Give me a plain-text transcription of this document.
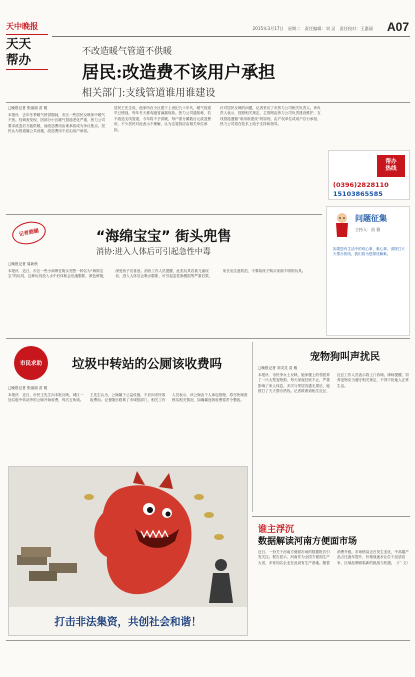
天中晚报
天天
帮办
2015年3月17日　星期二　责任编辑：刘 灵　责任校对：王惠丽 A07
不改造暖气管道不供暖
居民:改造费不该用户承担
相关部门:支线管道谁用谁建设
□晚报记者 张丽丽 苗 雅
本报讯　去年冬季暖气停供期间，市区一些居民反映家中暖气不热。经调查发现，因部分小区暖气管道老化严重，热力公司要求改造后方能供暖，而改造费用由谁承担成为争议焦点。居民认为管道属公共设施，改造费用不应由用户承担。
居民王先生说，他家所在小区建于上世纪九十年代，暖气管道早已锈蚀，每年冬天都有跑冒滴漏现象。热力公司通知称，若不改造支线管道，今年将不予供暖，每户需分摊数百元改造费用，不少居民对此表示不理解，认为这笔钱应由相关单位承担。
针对居民反映的问题，记者采访了市热力公司相关负责人。该负责人表示，按照相关规定，主管网由热力公司负责建设维护，支线管道遵循“谁用谁建设”的原则，由产权单位或用户自行承担，热力公司将在技术上给予支持和指导。
帮办
热线
(0396)2828110
15103865585
问题征集
主持人：苗 雅
如果您有生活中的烦心事、难心事，请拨打天天帮办热线，我们将为您排忧解难。
记者跑腿	“海绵宝宝” 街头兜售
消协:进入人体后可引起急性中毒
□晚报记者 周新秋
本报讯　近日，市区一些小商贩在街头兜售一种名为“海绵宝宝”的玩具，这种玩具放入水中后体积会迅速膨胀，颜色鲜艳，深受孩子们喜爱。消协工作人员提醒，此类玩具若被儿童误吞，进入人体后会吸水膨胀，可引起急性肠梗阻等严重后果，家长应注意防范，不要给孩子购买来源不明的玩具。
市民求助	垃圾中转站的公厕该收费吗
□晚报记者 张丽丽 苗 雅
本报讯　近日，市民王先生向本报反映，城区一处垃圾中转站旁的公厕开始收费，每次五角钱。王先生认为，公厕属于公益设施，不应向市民收取费用。记者随后联系了市城管部门，相关工作人员表示，该公厕由个人承包管理，将尽快调查核实相关情况，如确属违规收费将责令整改。
宠物狗叫声扰民
□晚报记者 刘灵灵 苗 雅
本报讯　市民李女士反映，她家楼上的邻居养了一只大型宠物狗，每天深夜狂吠不止，严重影响了家人休息。多次与邻居沟通无果后，她拨打了天天帮办热线。记者联系到相关社区，社区工作人员表示将上门协调。律师提醒，饲养宠物应当遵守相关规定，不得干扰他人正常生活。
打击非法集资，共创社会和谐！
谁主浮沉
数据解读河南方便面市场
近日，一份关于河南方便面市场的数据报告引发关注。报告显示，河南作为全国方便面生产大省，多家知名企业在此设有生产基地。随着消费升级，市场格局正在发生变化，中高端产品占比逐年提升，价格战逐步让位于品质竞争，区域品牌面临新的挑战与机遇。（广 文）
